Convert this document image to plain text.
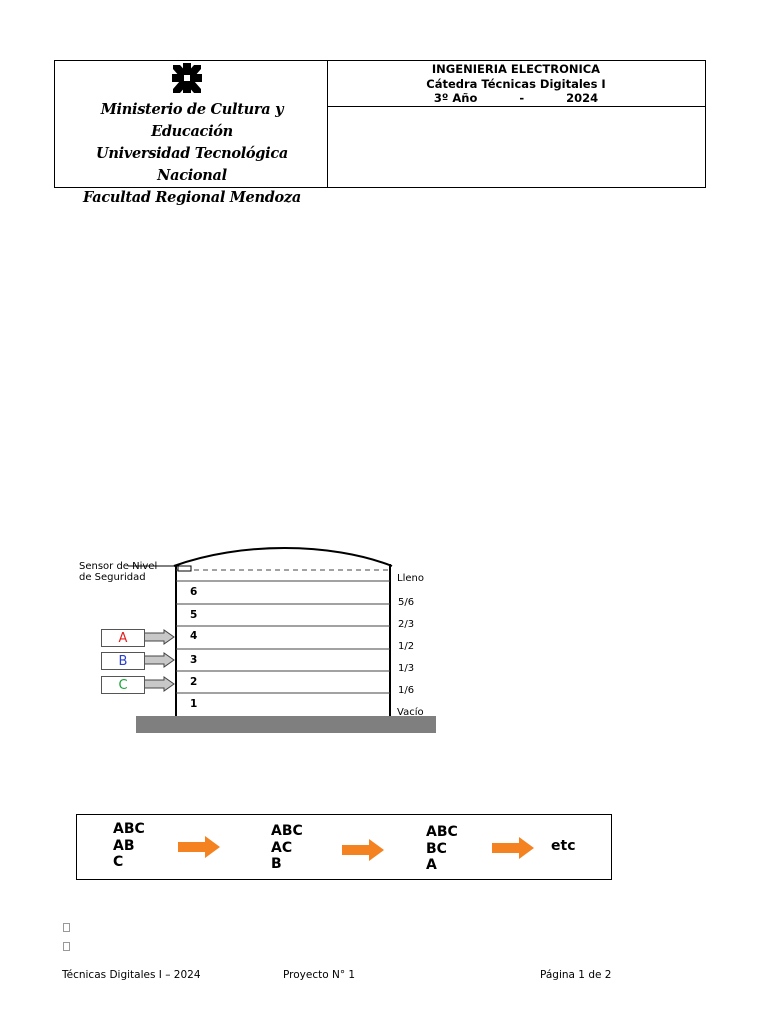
Ministerio de Cultura y Educación
Universidad Tecnológica Nacional
Facultad Regional Mendoza
INGENIERIA ELECTRONICA
Cátedra Técnicas Digitales I
3º Año	-	2024
Sensor de Nivel
de Seguridad
6
5
4
3
2
1
Lleno
5/6
2/3
1/2
1/3
1/6
Vacío
A
B
C
ABC
AB
C
ABC
AC
B
ABC
BC
A
etc
Técnicas Digitales I – 2024	Proyecto N° 1	Página 1 de 2
